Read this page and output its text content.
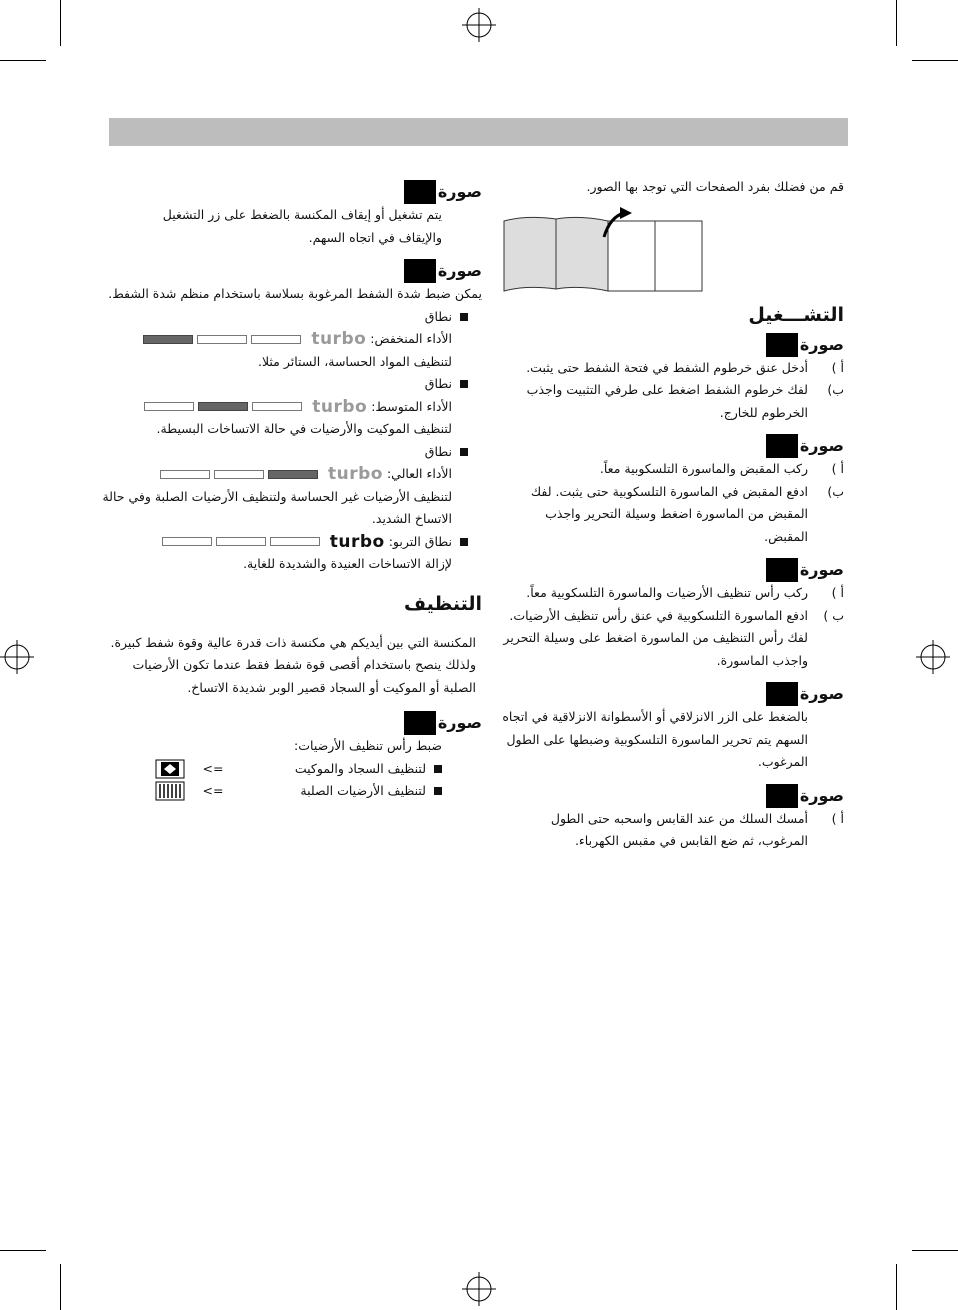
قم من فضلك بفرد الصفحات التي توجد بها الصور.

التشـــغيل
صورة
أ )

أدخل عنق خرطوم الشفط في فتحة الشفط حتى يثبت.

ب)

لفك خرطوم الشفط اضغط على طرفي التثبيت واجذب الخرطوم للخارج.

صورة
أ )

ركب المقبض والماسورة التلسكوبية معاً.

ب)

ادفع المقبض في الماسورة التلسكوبية حتى يثبت. لفك المقبض من الماسورة اضغط وسيلة التحرير واجذب المقبض.

صورة
أ )

ركب رأس تنظيف الأرضيات والماسورة التلسكوبية معاً.

ب )

ادفع الماسورة التلسكوبية في عنق رأس تنظيف الأرضيات. لفك رأس التنظيف من الماسورة اضغط على وسيلة التحرير واجذب الماسورة.

صورة

بالضغط على الزر الانزلاقي أو الأسطوانة الانزلاقية في اتجاه السهم يتم تحرير الماسورة التلسكوبية وضبطها على الطول المرغوب.

صورة
أ )

أمسك السلك من عند القابس واسحبه حتى الطول المرغوب، ثم ضع القابس في مقبس الكهرباء.

صورة

يتم تشغيل أو إيقاف المكنسة بالضغط على زر التشغيل والإيقاف في اتجاه السهم.

صورة

يمكن ضبط شدة الشفط المرغوبة بسلاسة باستخدام منظم شدة الشفط.

نطاق

turbo الأداء المنخفض:

لتنظيف المواد الحساسة، الستائر مثلا.

نطاق

turbo الأداء المتوسط:

لتنظيف الموكيت والأرضيات في حالة الاتساخات البسيطة.

نطاق

turbo الأداء العالي:

لتنظيف الأرضيات غير الحساسة ولتنظيف الأرضيات الصلبة وفي حالة الاتساخ الشديد.

turbo نطاق التربو:

لإزالة الاتساخات العنيدة والشديدة للغاية.

التنظيف

المكنسة التي بين أيديكم هي مكنسة ذات قدرة عالية وقوة شفط كبيرة. ولذلك ينصح باستخدام أقصى قوة شفط فقط عندما تكون الأرضيات الصلبة أو الموكيت أو السجاد قصير الوبر شديدة الاتساخ.

صورة

ضبط رأس تنظيف الأرضيات:

لتنظيف السجاد والموكيت
<=
لتنظيف الأرضيات الصلبة
<=
